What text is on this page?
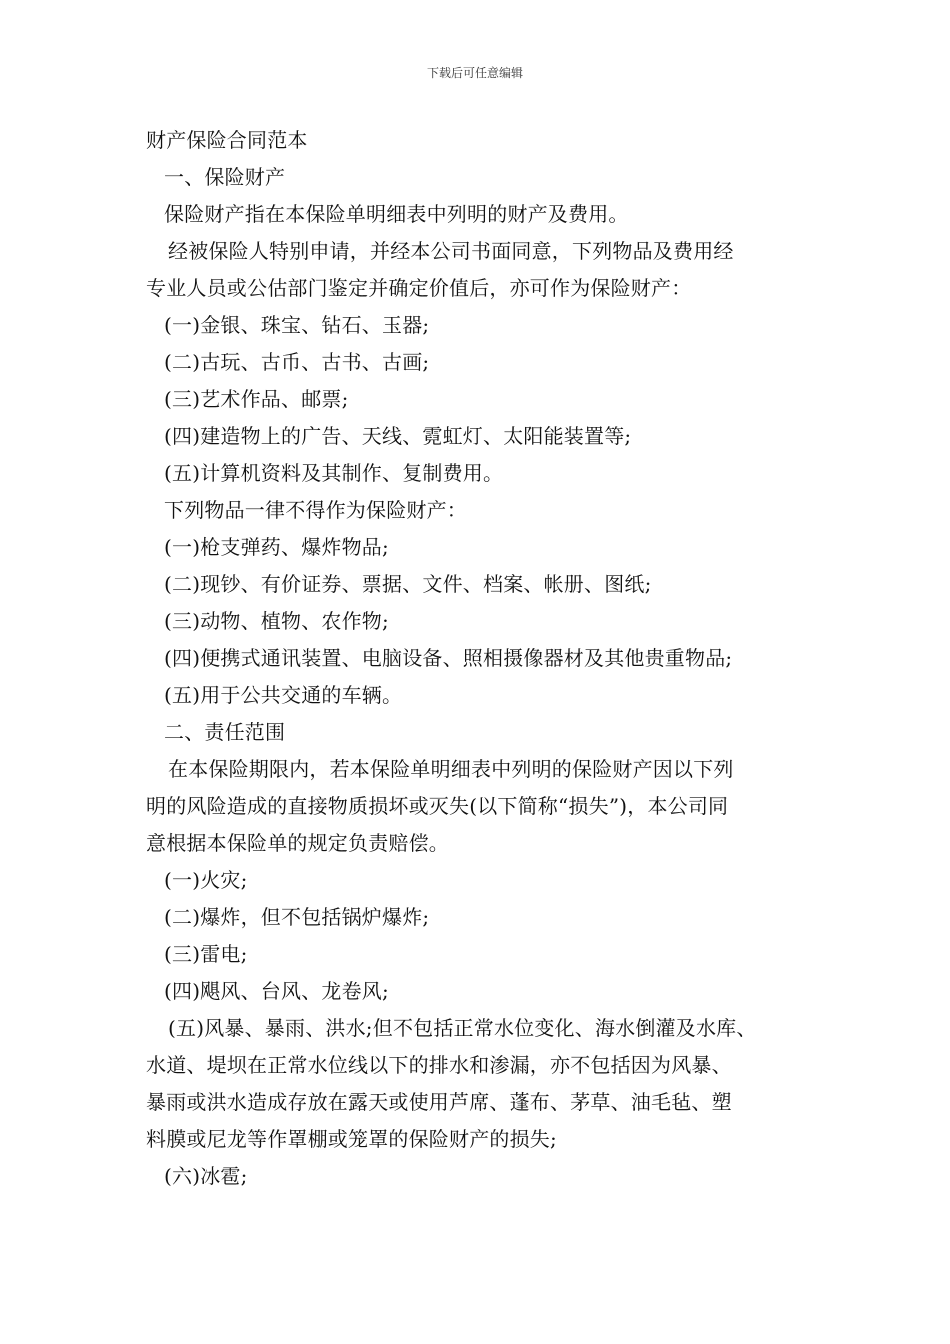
下载后可任意编辑
财产保险合同范本
一、保险财产
保险财产指在本保险单明细表中列明的财产及费用。
经被保险人特别申请，并经本公司书面同意，下列物品及费用经
专业人员或公估部门鉴定并确定价值后，亦可作为保险财产：
(一)金银、珠宝、钻石、玉器;
(二)古玩、古币、古书、古画;
(三)艺术作品、邮票;
(四)建造物上的广告、天线、霓虹灯、太阳能装置等;
(五)计算机资料及其制作、复制费用。
下列物品一律不得作为保险财产：
(一)枪支弹药、爆炸物品;
(二)现钞、有价证券、票据、文件、档案、帐册、图纸;
(三)动物、植物、农作物;
(四)便携式通讯装置、电脑设备、照相摄像器材及其他贵重物品;
(五)用于公共交通的车辆。
二、责任范围
在本保险期限内，若本保险单明细表中列明的保险财产因以下列
明的风险造成的直接物质损坏或灭失(以下简称“损失”)，本公司同
意根据本保险单的规定负责赔偿。
(一)火灾;
(二)爆炸，但不包括锅炉爆炸;
(三)雷电;
(四)飓风、台风、龙卷风;
(五)风暴、暴雨、洪水;但不包括正常水位变化、海水倒灌及水库、
水道、堤坝在正常水位线以下的排水和渗漏，亦不包括因为风暴、
暴雨或洪水造成存放在露天或使用芦席、蓬布、茅草、油毛毡、塑
料膜或尼龙等作罩棚或笼罩的保险财产的损失;
(六)冰雹;
